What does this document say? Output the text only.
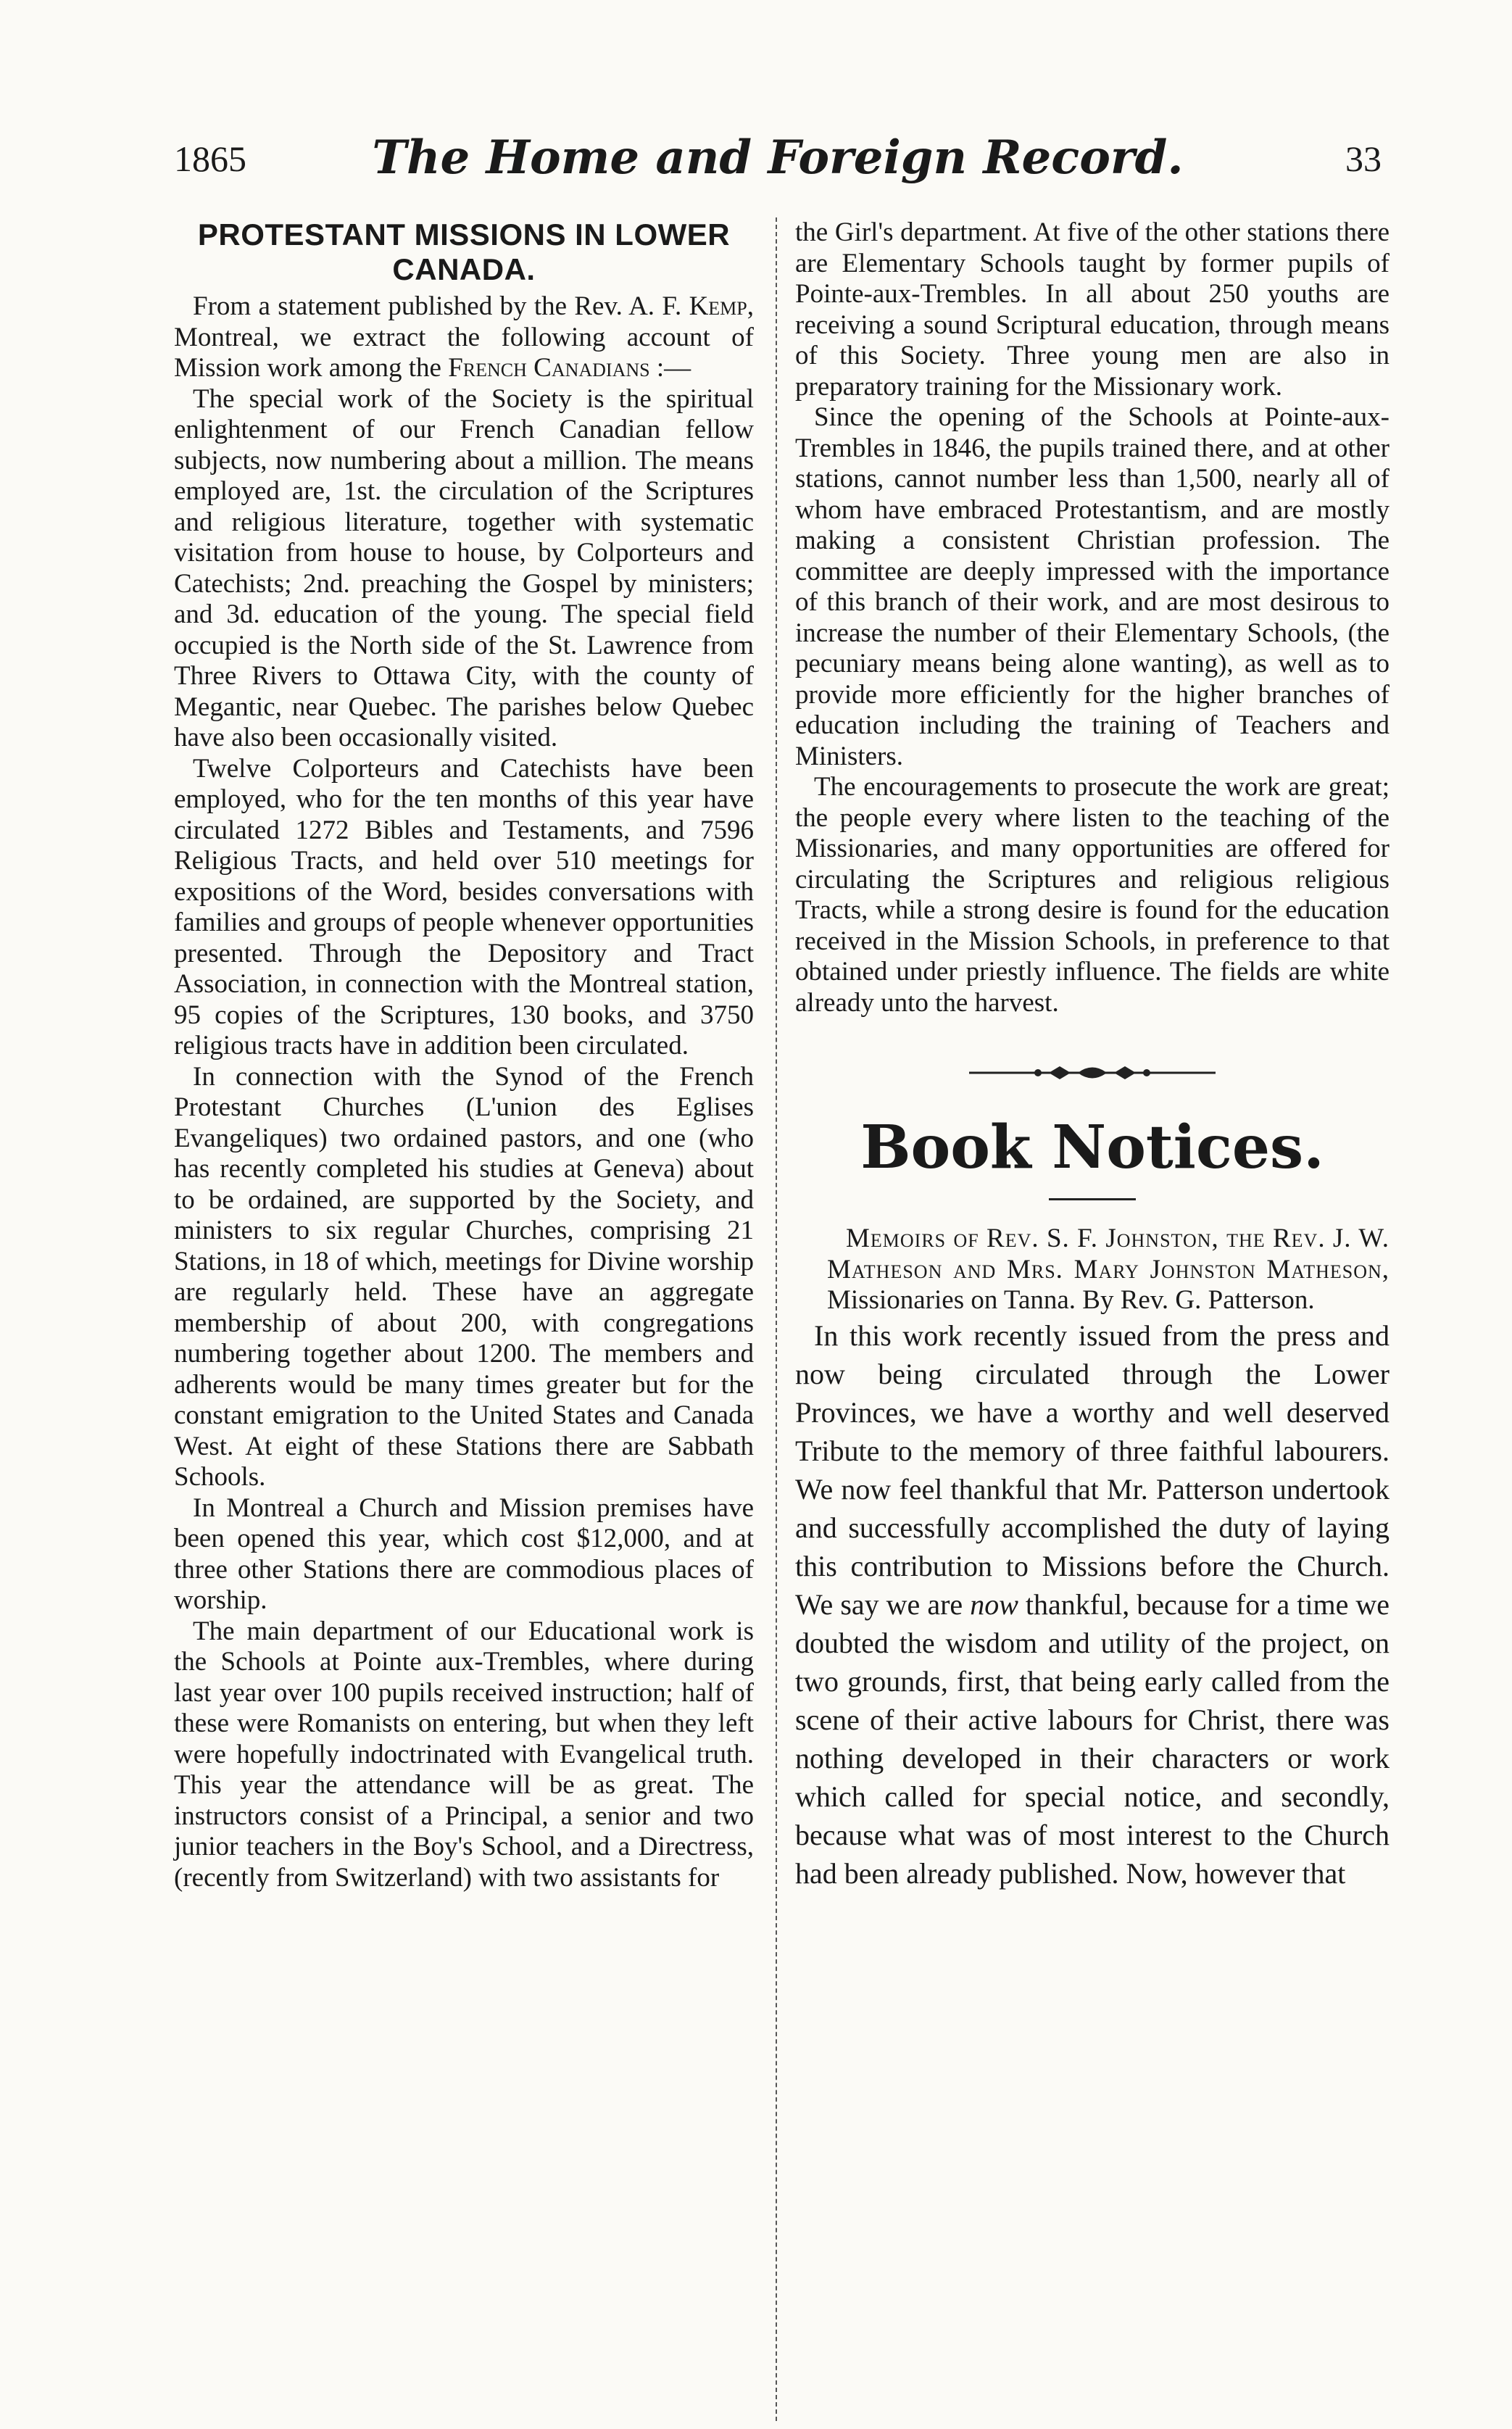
1865	The Home and Foreign Record.	33
PROTESTANT MISSIONS IN LOWER CANADA.

From a statement published by the Rev. A. F. Kemp, Montreal, we extract the following account of Mission work among the French Canadians :—

The special work of the Society is the spiritual enlightenment of our French Canadian fellow subjects, now numbering about a million. The means employed are, 1st. the circulation of the Scriptures and religious literature, together with systematic visitation from house to house, by Colporteurs and Catechists; 2nd. preaching the Gospel by ministers; and 3d. education of the young. The special field occupied is the North side of the St. Lawrence from Three Rivers to Ottawa City, with the county of Megantic, near Quebec. The parishes below Quebec have also been occasionally visited.

Twelve Colporteurs and Catechists have been employed, who for the ten months of this year have circulated 1272 Bibles and Testaments, and 7596 Religious Tracts, and held over 510 meetings for expositions of the Word, besides conversations with families and groups of people whenever opportunities presented. Through the Depository and Tract Association, in connection with the Montreal station, 95 copies of the Scriptures, 130 books, and 3750 religious tracts have in addition been circulated.

In connection with the Synod of the French Protestant Churches (L'union des Eglises Evangeliques) two ordained pastors, and one (who has recently completed his studies at Geneva) about to be ordained, are supported by the Society, and ministers to six regular Churches, comprising 21 Stations, in 18 of which, meetings for Divine worship are regularly held. These have an aggregate membership of about 200, with congregations numbering together about 1200. The members and adherents would be many times greater but for the constant emigration to the United States and Canada West. At eight of these Stations there are Sabbath Schools.

In Montreal a Church and Mission premises have been opened this year, which cost $12,000, and at three other Stations there are commodious places of worship.

The main department of our Educational work is the Schools at Pointe aux-Trembles, where during last year over 100 pupils received instruction; half of these were Romanists on entering, but when they left were hopefully indoctrinated with Evangelical truth. This year the attendance will be as great. The instructors consist of a Principal, a senior and two junior teachers in the Boy's School, and a Directress, (recently from Switzerland) with two assistants for

the Girl's department. At five of the other stations there are Elementary Schools taught by former pupils of Pointe-aux-Trembles. In all about 250 youths are receiving a sound Scriptural education, through means of this Society. Three young men are also in preparatory training for the Missionary work.

Since the opening of the Schools at Pointe-aux-Trembles in 1846, the pupils trained there, and at other stations, cannot number less than 1,500, nearly all of whom have embraced Protestantism, and are mostly making a consistent Christian profession. The committee are deeply impressed with the importance of this branch of their work, and are most desirous to increase the number of their Elementary Schools, (the pecuniary means being alone wanting), as well as to provide more efficiently for the higher branches of education including the training of Teachers and Ministers.

The encouragements to prosecute the work are great; the people every where listen to the teaching of the Missionaries, and many opportunities are offered for circulating the Scriptures and religious religious Tracts, while a strong desire is found for the education received in the Mission Schools, in preference to that obtained under priestly influence. The fields are white already unto the harvest.

Book Notices.

Memoirs of Rev. S. F. Johnston, the Rev. J. W. Matheson and Mrs. Mary Johnston Matheson, Missionaries on Tanna. By Rev. G. Patterson.

In this work recently issued from the press and now being circulated through the Lower Provinces, we have a worthy and well deserved Tribute to the memory of three faithful labourers. We now feel thankful that Mr. Patterson undertook and successfully accomplished the duty of laying this contribution to Missions before the Church. We say we are now thankful, because for a time we doubted the wisdom and utility of the project, on two grounds, first, that being early called from the scene of their active labours for Christ, there was nothing developed in their characters or work which called for special notice, and secondly, because what was of most interest to the Church had been already published. Now, however that
